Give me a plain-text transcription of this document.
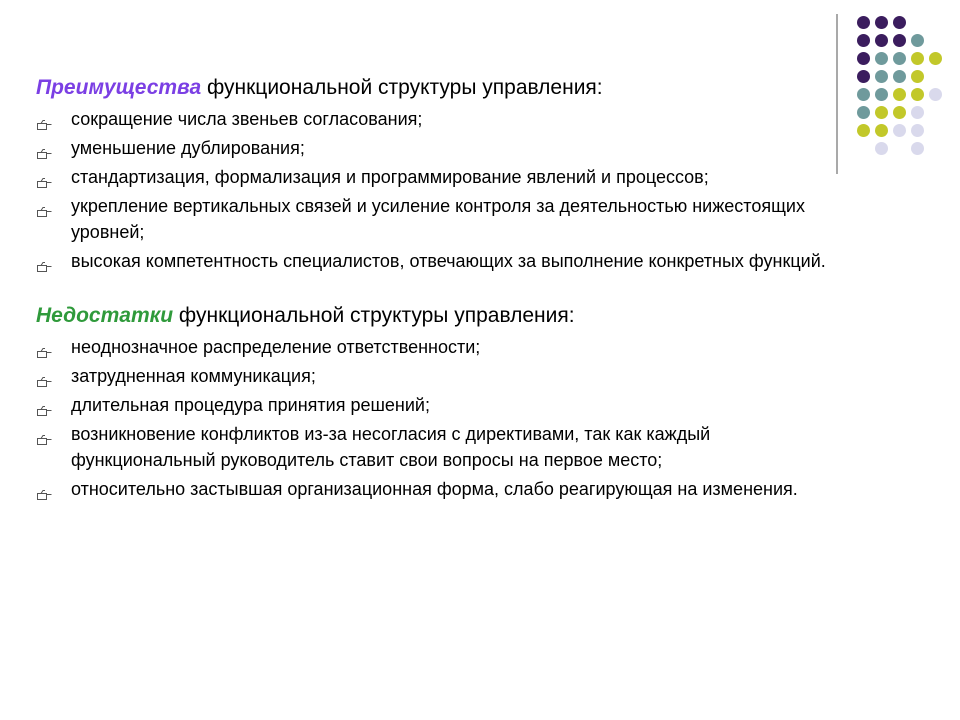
Преимущества функциональной структуры управления:

сокращение числа звеньев согласования;
уменьшение дублирования;
стандартизация, формализация и программирование явлений и процессов;
укрепление вертикальных связей и усиление контроля за деятельностью нижестоящих уровней;
высокая компетентность специалистов, отвечающих за выполнение конкретных функций.

Недостатки функциональной структуры управления:

неоднозначное распределение ответственности;
затрудненная коммуникация;
длительная процедура принятия решений;
возникновение конфликтов из-за несогласия с директивами, так как каждый функциональный руководитель ставит свои вопросы на первое место;
относительно застывшая организационная форма, слабо реагирующая на изменения.
